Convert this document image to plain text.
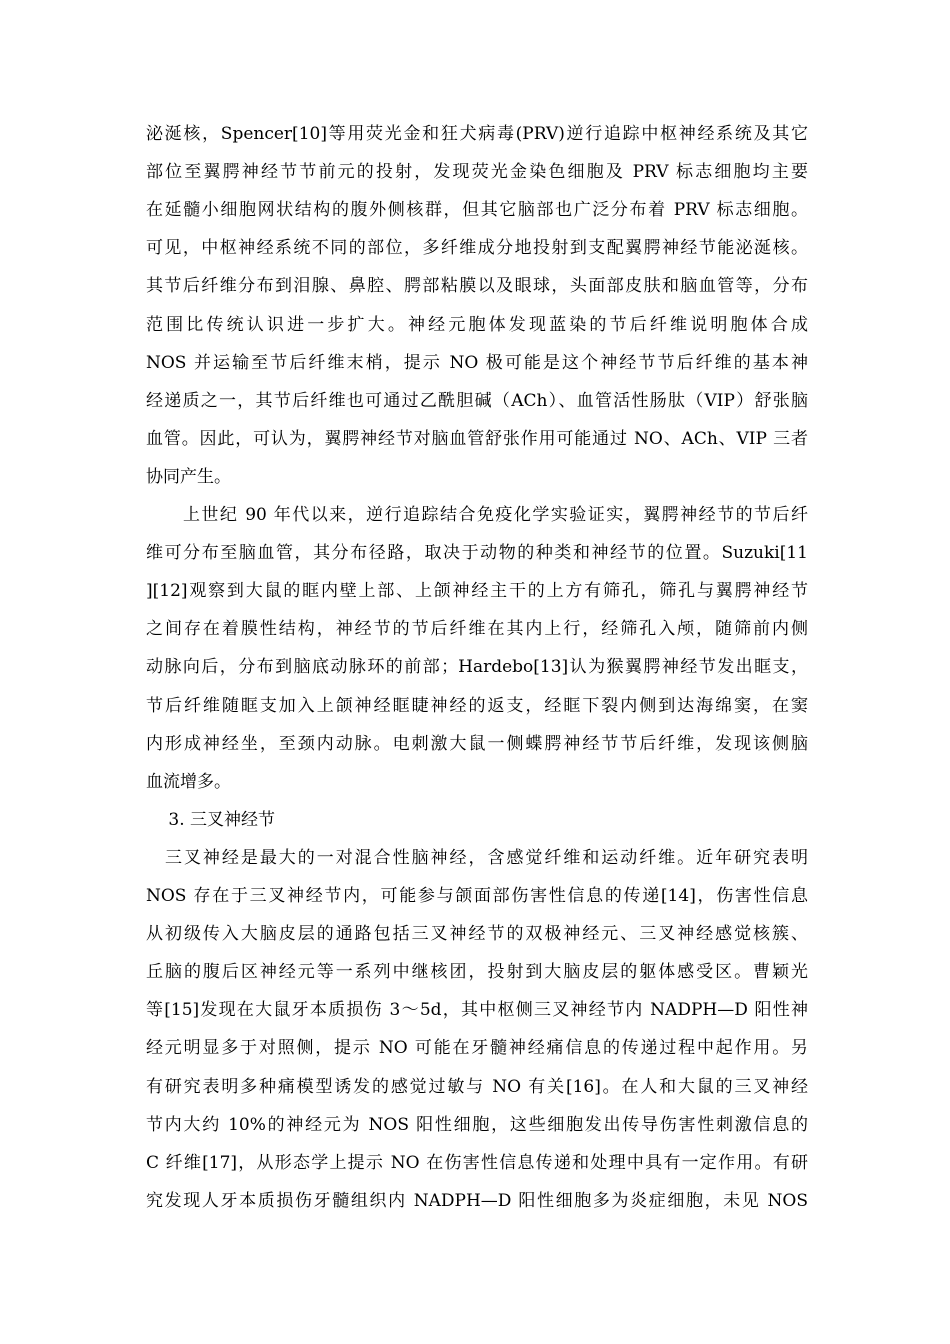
泌涎核，Spencer[10]等用荧光金和狂犬病毒(PRV)逆行追踪中枢神经系统及其它
部位至翼腭神经节节前元的投射，发现荧光金染色细胞及 PRV 标志细胞均主要
在延髓小细胞网状结构的腹外侧核群，但其它脑部也广泛分布着 PRV 标志细胞。
可见，中枢神经系统不同的部位，多纤维成分地投射到支配翼腭神经节能泌涎核。
其节后纤维分布到泪腺、鼻腔、腭部粘膜以及眼球，头面部皮肤和脑血管等，分布
范围比传统认识进一步扩大。神经元胞体发现蓝染的节后纤维说明胞体合成
NOS 并运输至节后纤维末梢，提示 NO 极可能是这个神经节节后纤维的基本神
经递质之一，其节后纤维也可通过乙酰胆碱（ACh）、血管活性肠肽（VIP）舒张脑
血管。因此，可认为，翼腭神经节对脑血管舒张作用可能通过 NO、ACh、VIP 三者
协同产生。
　　上世纪 90 年代以来，逆行追踪结合免疫化学实验证实，翼腭神经节的节后纤
维可分布至脑血管，其分布径路，取决于动物的种类和神经节的位置。Suzuki[11
][12]观察到大鼠的眶内壁上部、上颌神经主干的上方有筛孔，筛孔与翼腭神经节
之间存在着膜性结构，神经节的节后纤维在其内上行，经筛孔入颅，随筛前内侧
动脉向后，分布到脑底动脉环的前部；Hardebo[13]认为猴翼腭神经节发出眶支，
节后纤维随眶支加入上颌神经眶睫神经的返支，经眶下裂内侧到达海绵窦，在窦
内形成神经坐，至颈内动脉。电刺激大鼠一侧蝶腭神经节节后纤维，发现该侧脑
血流增多。
　 3. 三叉神经节
　三叉神经是最大的一对混合性脑神经，含感觉纤维和运动纤维。近年研究表明
NOS 存在于三叉神经节内，可能参与颌面部伤害性信息的传递[14]，伤害性信息
从初级传入大脑皮层的通路包括三叉神经节的双极神经元、三叉神经感觉核簇、
丘脑的腹后区神经元等一系列中继核团，投射到大脑皮层的躯体感受区。曹颖光
等[15]发现在大鼠牙本质损伤 3～5d，其中枢侧三叉神经节内 NADPH—D 阳性神
经元明显多于对照侧，提示 NO 可能在牙髓神经痛信息的传递过程中起作用。另
有研究表明多种痛模型诱发的感觉过敏与 NO 有关[16]。在人和大鼠的三叉神经
节内大约 10%的神经元为 NOS 阳性细胞，这些细胞发出传导伤害性刺激信息的
C 纤维[17]，从形态学上提示 NO 在伤害性信息传递和处理中具有一定作用。有研
究发现人牙本质损伤牙髓组织内 NADPH—D 阳性细胞多为炎症细胞，未见 NOS
